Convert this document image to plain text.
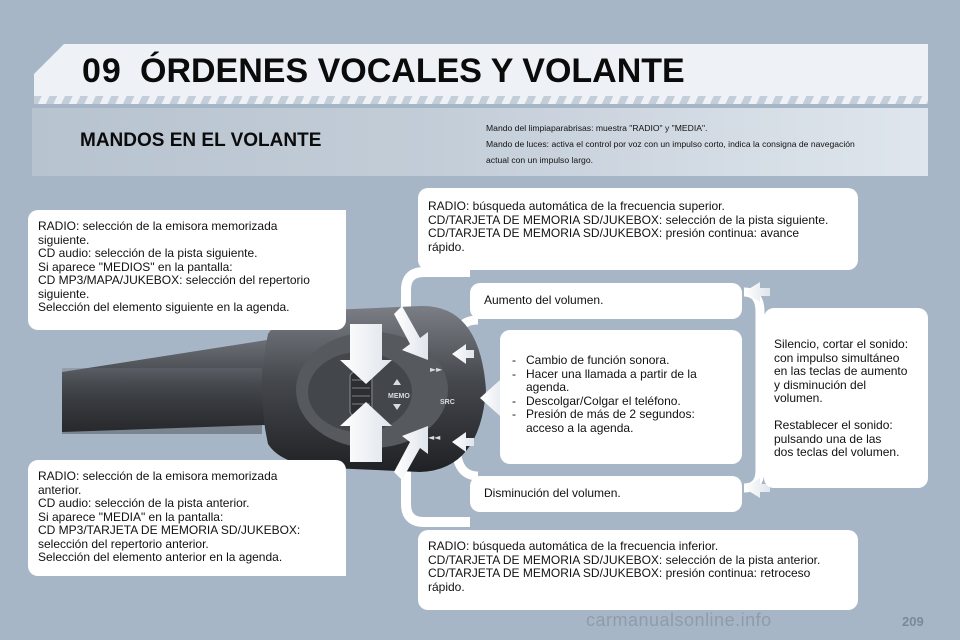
09 ÓRDENES VOCALES Y VOLANTE
MANDOS EN EL VOLANTE
Mando del limpiaparabrisas: muestra "RADIO" y "MEDIA".
Mando de luces: activa el control por voz con un impulso corto, indica la consigna de navegación
actual con un impulso largo.
MEMO
SRC
►►
◄◄
RADIO: selección de la emisora memorizada
siguiente.
CD audio: selección de la pista siguiente.
Si aparece "MEDIOS" en la pantalla:
CD MP3/MAPA/JUKEBOX: selección del repertorio
siguiente.
Selección del elemento siguiente en la agenda.
RADIO: selección de la emisora memorizada
anterior.
CD audio: selección de la pista anterior.
Si aparece "MEDIA" en la pantalla:
CD MP3/TARJETA DE MEMORIA SD/JUKEBOX:
selección del repertorio anterior.
Selección del elemento anterior en la agenda.
RADIO: búsqueda automática de la frecuencia superior.
CD/TARJETA DE MEMORIA SD/JUKEBOX: selección de la pista siguiente.
CD/TARJETA DE MEMORIA SD/JUKEBOX: presión continua: avance
rápido.
RADIO: búsqueda automática de la frecuencia inferior.
CD/TARJETA DE MEMORIA SD/JUKEBOX: selección de la pista anterior.
CD/TARJETA DE MEMORIA SD/JUKEBOX: presión continua: retroceso
rápido.
Aumento del volumen.
Disminución del volumen.
- Cambio de función sonora.
- Hacer una llamada a partir de la agenda.
- Descolgar/Colgar el teléfono.
- Presión de más de 2 segundos: acceso a la agenda.
Silencio, cortar el sonido:
con impulso simultáneo
en las teclas de aumento
y disminución del
volumen.

Restablecer el sonido:
pulsando una de las
dos teclas del volumen.
carmanualsonline.info	209
